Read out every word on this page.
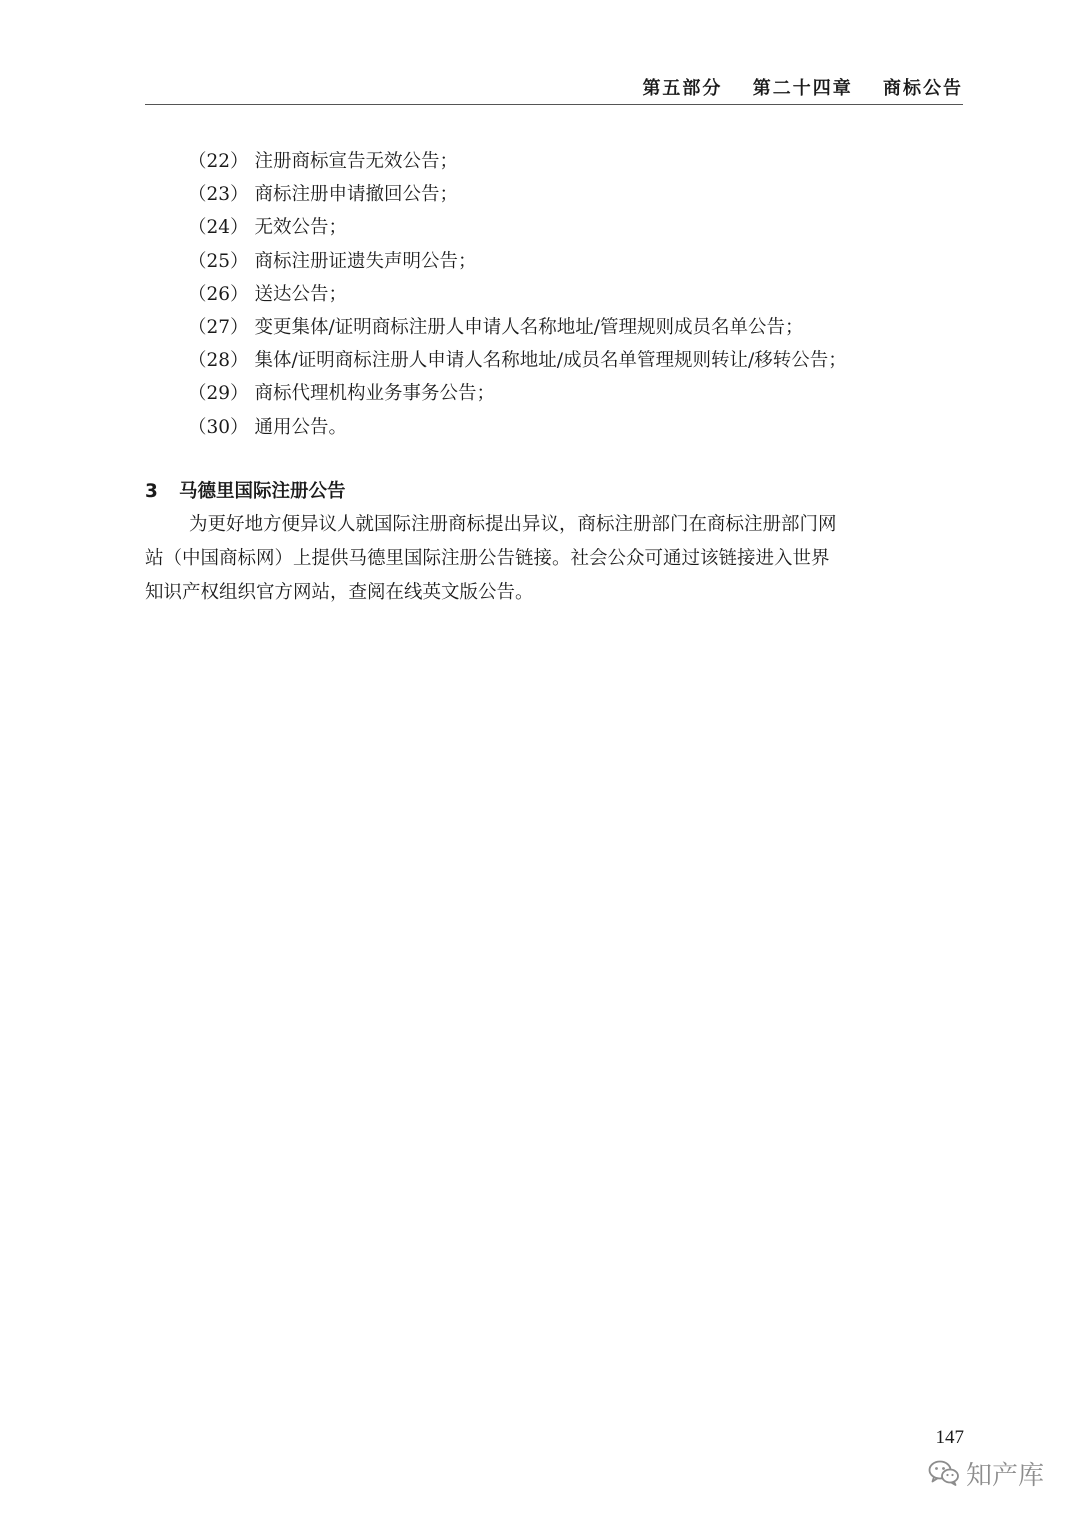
第五部分 第二十四章 商标公告
（22） 注册商标宣告无效公告；
（23） 商标注册申请撤回公告；
（24） 无效公告；
（25） 商标注册证遗失声明公告；
（26） 送达公告；
（27） 变更集体/证明商标注册人申请人名称地址/管理规则成员名单公告；
（28） 集体/证明商标注册人申请人名称地址/成员名单管理规则转让/移转公告；
（29） 商标代理机构业务事务公告；
（30） 通用公告。
3 马德里国际注册公告

为更好地方便异议人就国际注册商标提出异议，商标注册部门在商标注册部门网
站（中国商标网）上提供马德里国际注册公告链接。社会公众可通过该链接进入世界
知识产权组织官方网站，查阅在线英文版公告。

147
知产库
